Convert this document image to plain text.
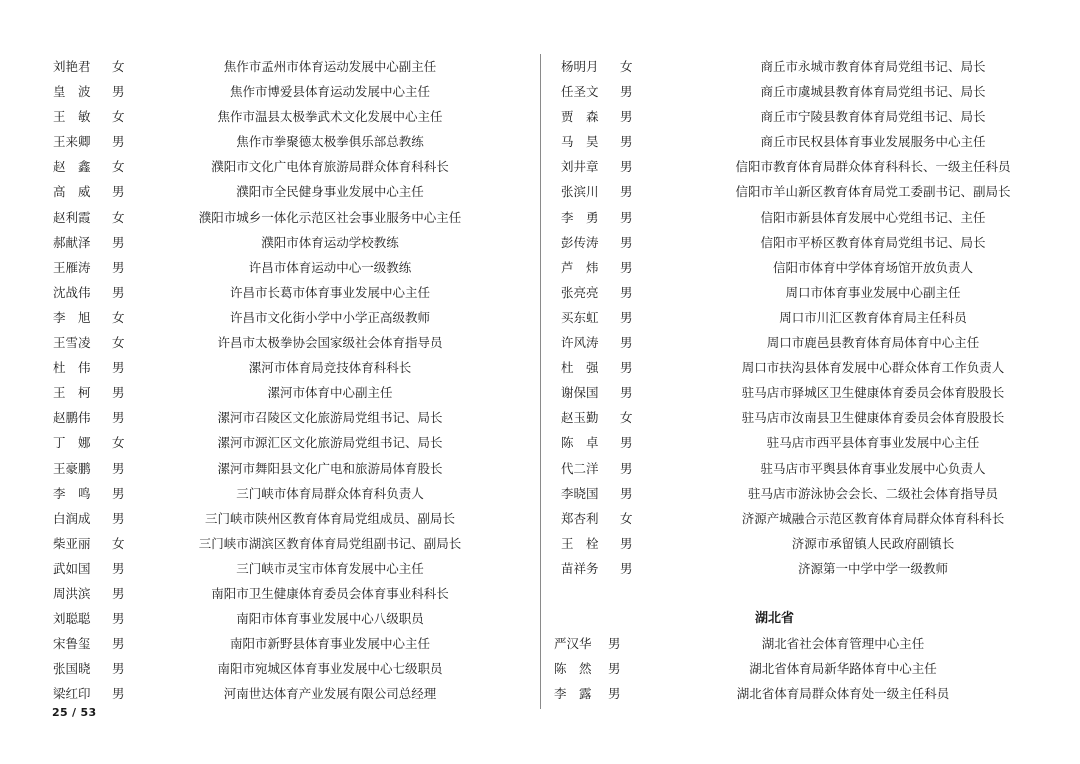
刘艳君	女	焦作市孟州市体育运动发展中心副主任
皇　波	男	焦作市博爱县体育运动发展中心主任
王　敏	女	焦作市温县太极拳武术文化发展中心主任
王来卿	男	焦作市拳聚德太极拳俱乐部总教练
赵　鑫	女	濮阳市文化广电体育旅游局群众体育科科长
高　威	男	濮阳市全民健身事业发展中心主任
赵利霞	女	濮阳市城乡一体化示范区社会事业服务中心主任
郝献泽	男	濮阳市体育运动学校教练
王雁涛	男	许昌市体育运动中心一级教练
沈战伟	男	许昌市长葛市体育事业发展中心主任
李　旭	女	许昌市文化街小学中小学正高级教师
王雪凌	女	许昌市太极拳协会国家级社会体育指导员
杜　伟	男	漯河市体育局竞技体育科科长
王　柯	男	漯河市体育中心副主任
赵鹏伟	男	漯河市召陵区文化旅游局党组书记、局长
丁　娜	女	漯河市源汇区文化旅游局党组书记、局长
王豪鹏	男	漯河市舞阳县文化广电和旅游局体育股长
李　鸣	男	三门峡市体育局群众体育科负责人
白润成	男	三门峡市陕州区教育体育局党组成员、副局长
柴亚丽	女	三门峡市湖滨区教育体育局党组副书记、副局长
武如国	男	三门峡市灵宝市体育发展中心主任
周洪滨	男	南阳市卫生健康体育委员会体育事业科科长
刘聪聪	男	南阳市体育事业发展中心八级职员
宋鲁玺	男	南阳市新野县体育事业发展中心主任
张国晓	男	南阳市宛城区体育事业发展中心七级职员
梁红印	男	河南世达体育产业发展有限公司总经理
杨明月	女	商丘市永城市教育体育局党组书记、局长
任圣文	男	商丘市虞城县教育体育局党组书记、局长
贾　森	男	商丘市宁陵县教育体育局党组书记、局长
马　昊	男	商丘市民权县体育事业发展服务中心主任
刘井章	男	信阳市教育体育局群众体育科科长、一级主任科员
张滨川	男	信阳市羊山新区教育体育局党工委副书记、副局长
李　勇	男	信阳市新县体育发展中心党组书记、主任
彭传涛	男	信阳市平桥区教育体育局党组书记、局长
芦　炜	男	信阳市体育中学体育场馆开放负责人
张亮亮	男	周口市体育事业发展中心副主任
买东虹	男	周口市川汇区教育体育局主任科员
许风涛	男	周口市鹿邑县教育体育局体育中心主任
杜　强	男	周口市扶沟县体育发展中心群众体育工作负责人
谢保国	男	驻马店市驿城区卫生健康体育委员会体育股股长
赵玉勤	女	驻马店市汝南县卫生健康体育委员会体育股股长
陈　卓	男	驻马店市西平县体育事业发展中心主任
代二洋	男	驻马店市平舆县体育事业发展中心负责人
李晓国	男	驻马店市游泳协会会长、二级社会体育指导员
郑杏利	女	济源产城融合示范区教育体育局群众体育科科长
王　栓	男	济源市承留镇人民政府副镇长
苗祥务	男	济源第一中学中学一级教师
湖北省
严汉华	男	湖北省社会体育管理中心主任
陈　然	男	湖北省体育局新华路体育中心主任
李　露	男	湖北省体育局群众体育处一级主任科员
25 / 53
